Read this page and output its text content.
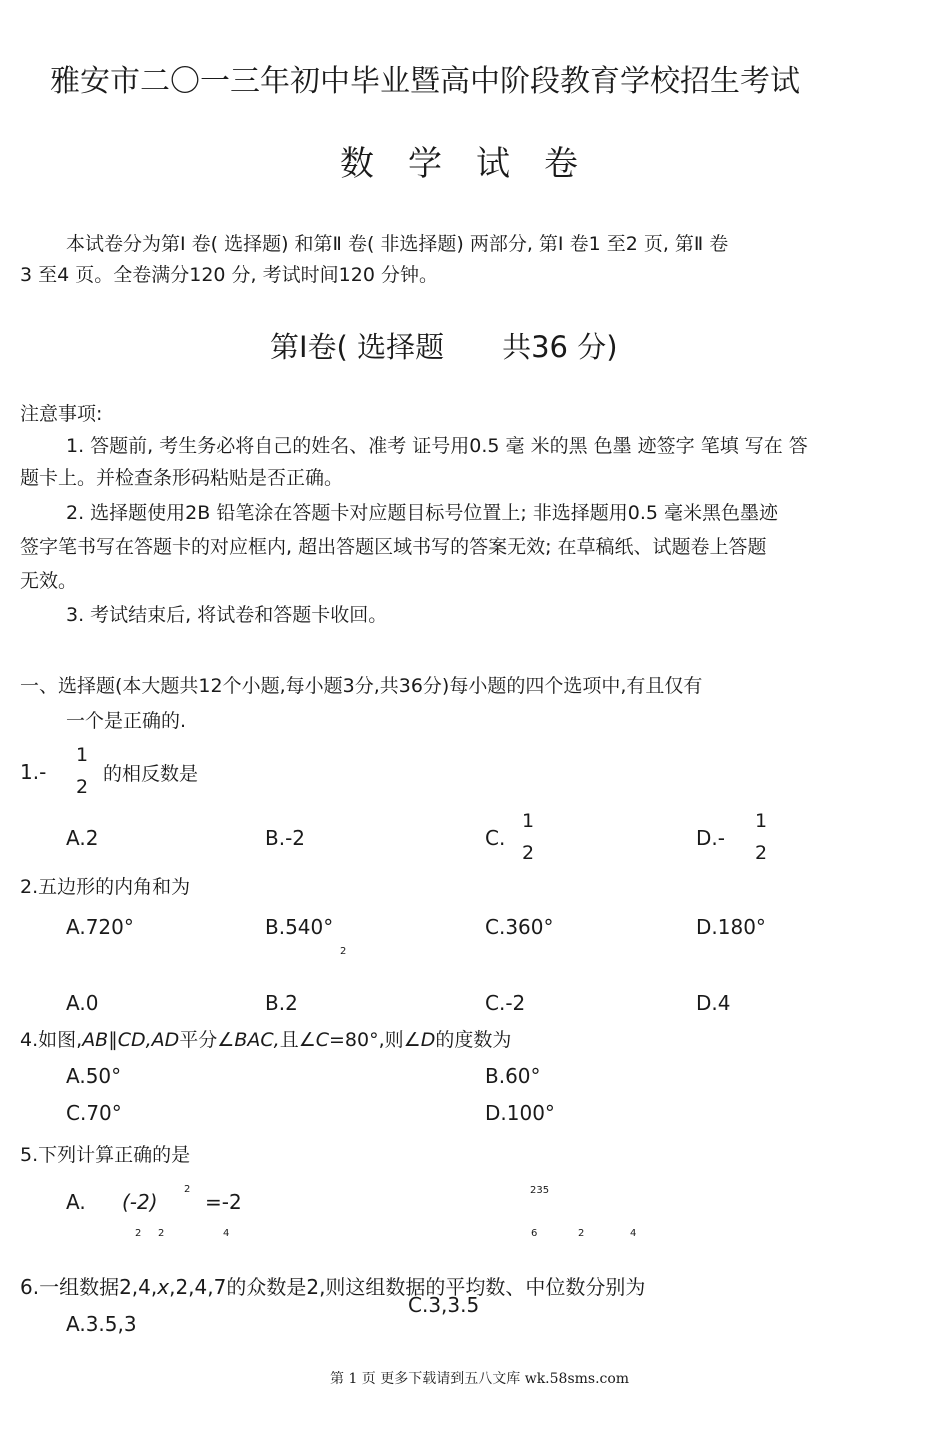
雅安市二〇一三年初中毕业暨高中阶段教育学校招生考试
数　学　试　卷
本试卷分为第Ⅰ 卷( 选择题) 和第Ⅱ 卷( 非选择题) 两部分, 第Ⅰ 卷1 至2 页, 第Ⅱ 卷
3 至4 页。全卷满分120 分, 考试时间120 分钟。
第Ⅰ卷( 选择题　　共36 分)
注意事项:
1. 答题前, 考生务必将自己的姓名、准考 证号用0.5 毫 米的黑 色墨 迹签字 笔填 写在 答
题卡上。并检查条形码粘贴是否正确。
2. 选择题使用2B 铅笔涂在答题卡对应题目标号位置上; 非选择题用0.5 毫米黑色墨迹
签字笔书写在答题卡的对应框内, 超出答题区域书写的答案无效; 在草稿纸、试题卷上答题
无效。
3. 考试结束后, 将试卷和答题卡收回。
一、选择题(本大题共12个小题,每小题3分,共36分)每小题的四个选项中,有且仅有
一个是正确的.
1.-
1
2
的相反数是
A.2	B.-2	C.
1
2
D.-
1
2
2.五边形的内角和为
A.720°	B.540°	C.360°	D.180°
2
A.0	B.2	C.-2	D.4
4.如图,AB∥CD,AD平分∠BAC,且∠C=80°,则∠D的度数为
A.50°	B.60°
C.70°	D.100°
5.下列计算正确的是
A. (-2)
2
=-2	235
2 2	4	6	2	4
6.一组数据2,4,x,2,4,7的众数是2,则这组数据的平均数、中位数分别为
C.3,3.5
A.3.5,3
第 1 页 更多下载请到五八文库 wk.58sms.com
